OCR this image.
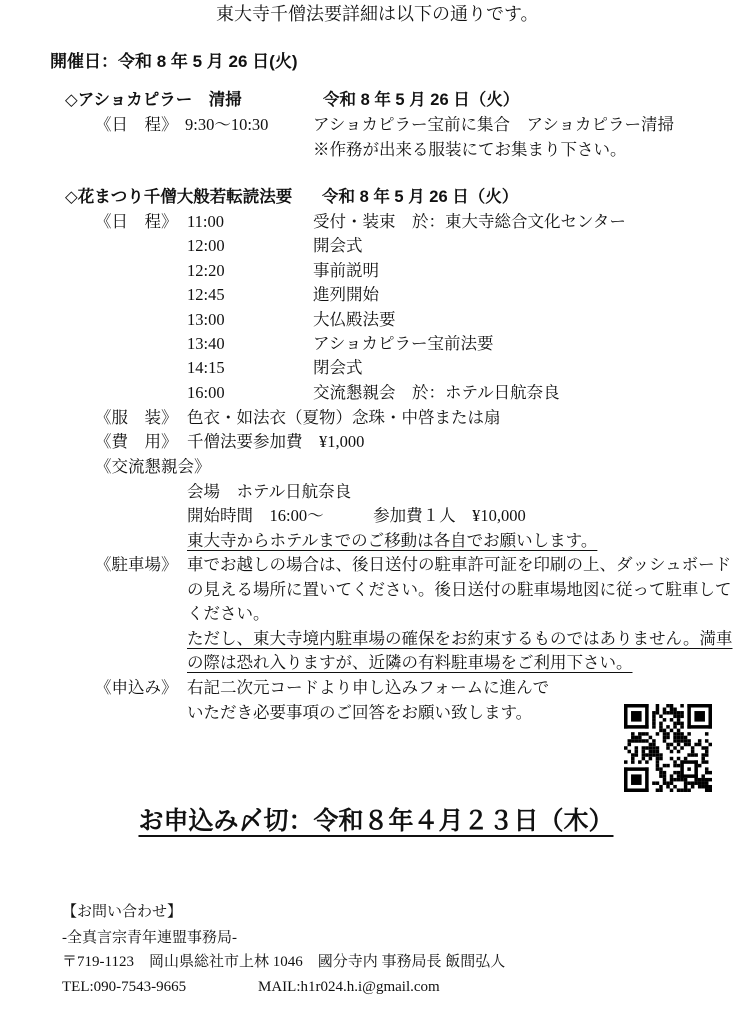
東大寺千僧法要詳細は以下の通りです。
開催日：令和 8 年 5 月 26 日(火)
◇アショカピラー　清掃	令和 8 年 5 月 26 日（火）
《日　程》 9:30〜10:30	アショカピラー宝前に集合　アショカピラー清掃
※作務が出来る服装にてお集まり下さい。
◇花まつり千僧大般若転読法要 令和 8 年 5 月 26 日（火）
《日　程》 11:00	受付・装束　於：東大寺総合文化センター
12:00	開会式
12:20	事前説明
12:45	進列開始
13:00	大仏殿法要
13:40	アショカピラー宝前法要
14:15	閉会式
16:00	交流懇親会　於：ホテル日航奈良
《服　装》 色衣・如法衣（夏物）念珠・中啓または扇
《費　用》 千僧法要参加費　¥1,000
《交流懇親会》
会場　ホテル日航奈良
開始時間　16:00〜　　　参加費１人　¥10,000
東大寺からホテルまでのご移動は各自でお願いします。
《駐車場》 車でお越しの場合は、後日送付の駐車許可証を印刷の上、ダッシュボード
の見える場所に置いてください。後日送付の駐車場地図に従って駐車して
ください。
ただし、東大寺境内駐車場の確保をお約束するものではありません。満車
の際は恐れ入りますが、近隣の有料駐車場をご利用下さい。
《申込み》 右記二次元コードより申し込みフォームに進んで
いただき必要事項のご回答をお願い致します。
お申込み〆切：令和８年４月２３日（木）
【お問い合わせ】
-全真言宗青年連盟事務局-
〒719-1123　岡山県総社市上林 1046　國分寺内 事務局長 飯間弘人
TEL:090-7543-9665	MAIL:h1r024.h.i@gmail.com
